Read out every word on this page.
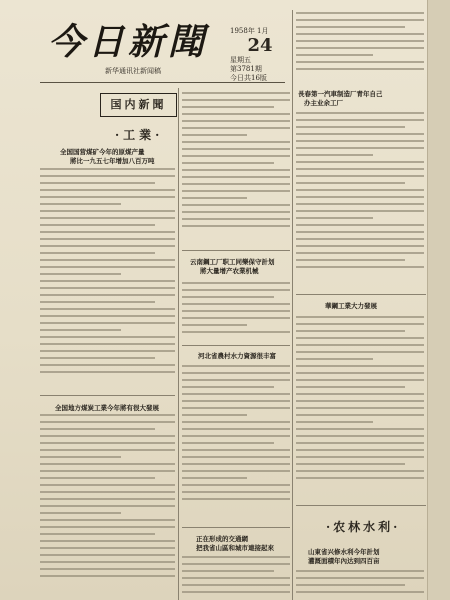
今日新聞
新华通讯社新闻稿
1958年 1月
24
星期五
第3781期
今日共16版
国内新聞
·工業·
全国国营煤矿今年的原煤产量
將比一九五七年增加八百万吨
全国地方煤炭工業今年將有很大發展
云南鋼工厂职工同樂保守計划
將大量增产农業机械
河北省農村水力資源很丰富
正在形成的交通網
把我省山區和城市連接起來
長春第一汽車制造厂青年自己
办主业余工厂
華鋼工業大力發展
·农林水利·
山東省兴修水利今年計划
灌溉面積年內达到四百亩
